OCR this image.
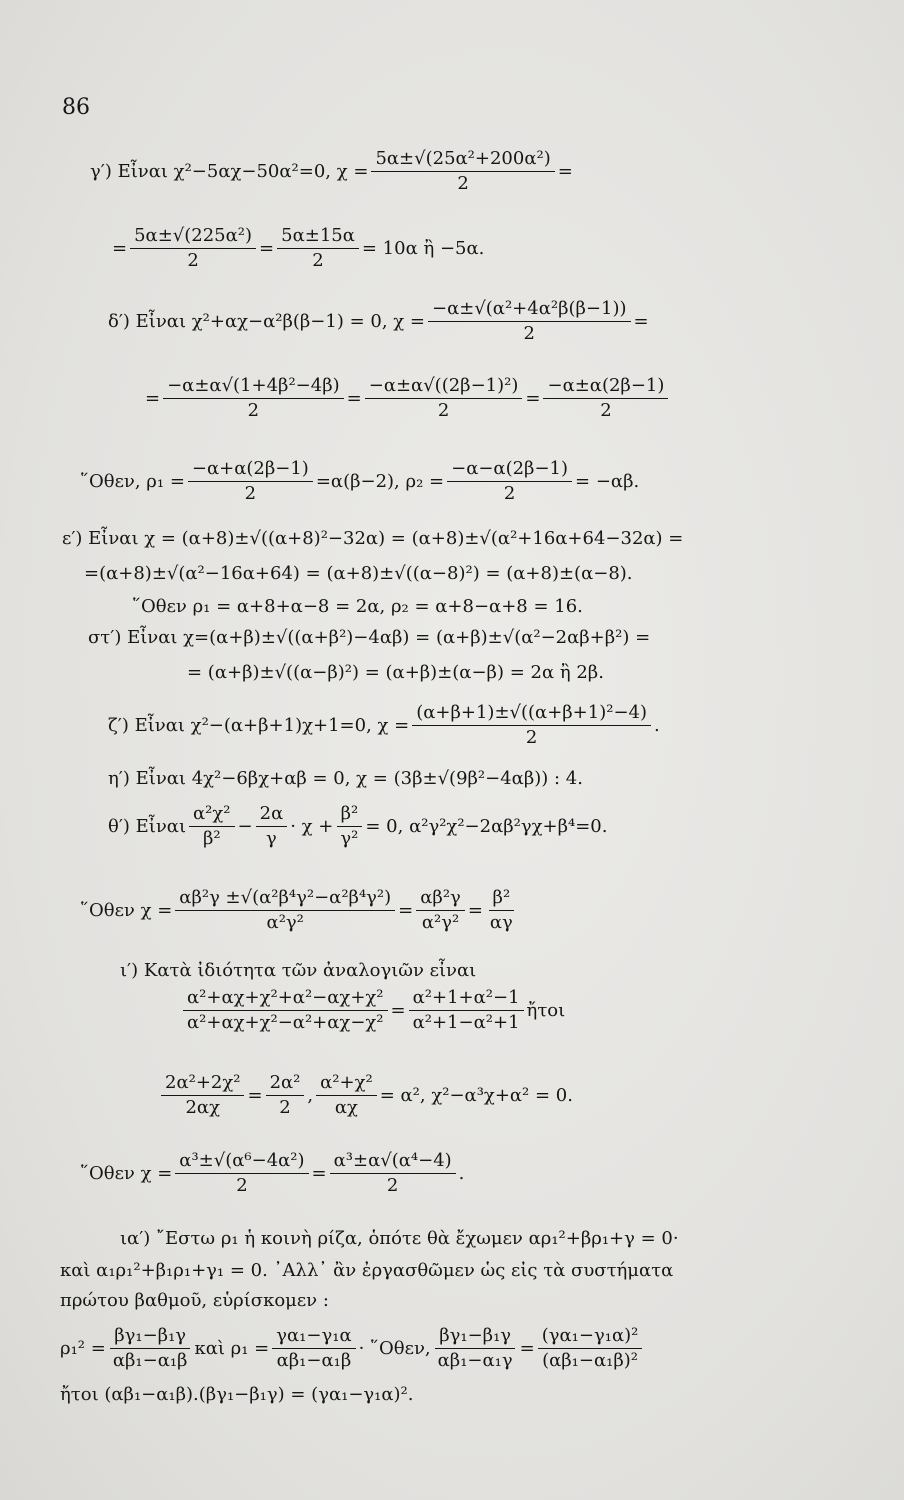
86
γ′) Εἶναι χ²−5αχ−50α²=0, $\chi = \frac{\text{5α±√(25α²+200α²)}}{2}$ =
= $\frac{\text{5α±√(225α²)}}{2} = \frac{5\alpha\pm 15\alpha}{2} = 10\alpha$ ἢ −5α.
δ′) Εἶναι χ²+αχ−α²β(β−1) = 0, $\chi = \frac{\text{−α±√(α²+4α²β(β−1))}}{2}$ =
= $\frac{\text{−α±α√(1+4β²−4β)}}{2} = \frac{\text{−α±α√((2β−1)²)}}{2} = \frac{-\alpha\pm\alpha(2\beta-1)}{2}$
῞Οθεν, $\rho_1 = \frac{-\alpha+\alpha(2\beta-1)}{2} =\alpha(\beta-2)$, $\rho_2 = \frac{-\alpha-\alpha(2\beta-1)}{2} = -\alpha\beta$.
ε′) Εἶναι χ = (α+8)±√((α+8)²−32α) = (α+8)±√(α²+16α+64−32α) =
=(α+8)±√(α²−16α+64) = (α+8)±√((α−8)²) = (α+8)±(α−8).
῞Οθεν ρ₁ = α+8+α−8 = 2α, ρ₂ = α+8−α+8 = 16.
στ′) Εἶναι χ=(α+β)±√((α+β²)−4αβ) = (α+β)±√(α²−2αβ+β²) =
= (α+β)±√((α−β)²) = (α+β)±(α−β) = 2α ἢ 2β.
ζ′) Εἶναι χ²−(α+β+1)χ+1=0, $\chi = \frac{\text{(α+β+1)±√((α+β+1)²−4)}}{2}$ .
η′) Εἶναι 4χ²−6βχ+αβ = 0, χ = (3β±√(9β²−4αβ)) : 4.
θ′) Εἶναι $\frac{\text{α²χ²}}{\text{β²}} - \frac{2\alpha}{\gamma} \cdot \chi + \frac{\text{β²}}{\text{γ²}} = 0$, α²γ²χ²−2αβ²γχ+β⁴=0.
῞Οθεν $\chi = \frac{\text{αβ²γ ±√(α²β⁴γ²−α²β⁴γ²)}}{\text{α²γ²}} = \frac{\text{αβ²γ}}{\text{α²γ²}} = \frac{\text{β²}}{\alpha\gamma}$
ι′) Κατὰ ἰδιότητα τῶν ἀναλογιῶν εἶναι
$\frac{\text{α²+αχ+χ²+α²−αχ+χ²}}{\text{α²+αχ+χ²−α²+αχ−χ²}} = \frac{\text{α²+1+α²−1}}{\text{α²+1−α²+1}}$ ἤτοι
$\frac{\text{2α²+2χ²}}{2\alpha\chi} = \frac{\text{2α²}}{2}$ , $\frac{\text{α²+χ²}}{\alpha\chi} = \alpha^2$, χ²−α³χ+α² = 0.
῞Οθεν $\chi = \frac{\text{α³±√(α⁶−4α²)}}{2} = \frac{\text{α³±α√(α⁴−4)}}{2}$ .
ια′) ῎Εστω ρ₁ ἡ κοινὴ ρίζα, ὁπότε θὰ ἔχωμεν αρ₁²+βρ₁+γ = 0·
καὶ α₁ρ₁²+β₁ρ₁+γ₁ = 0. ᾿Αλλ᾿ ἂν ἐργασθῶμεν ὡς εἰς τὰ συστήματα
πρώτου βαθμοῦ, εὑρίσκομεν :
$\rho_1^2 = \frac{\text{βγ₁−β₁γ}}{\text{αβ₁−α₁β}}$ καὶ $\rho_1 = \frac{\text{γα₁−γ₁α}}{\text{αβ₁−α₁β}}$ · ῞Οθεν, $\frac{\text{βγ₁−β₁γ}}{\text{αβ₁−α₁γ}} = \frac{\text{(γα₁−γ₁α)²}}{\text{(αβ₁−α₁β)²}}$
ἤτοι (αβ₁−α₁β).(βγ₁−β₁γ) = (γα₁−γ₁α)².
